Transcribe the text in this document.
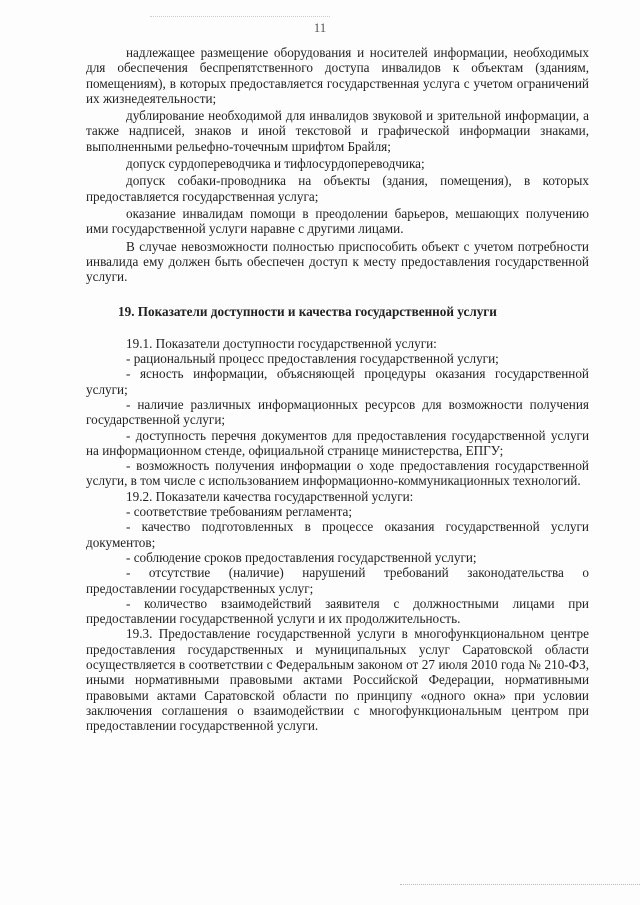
11

надлежащее размещение оборудования и носителей информации, необходимых для обеспечения беспрепятственного доступа инвалидов к объектам (зданиям, помещениям), в которых предоставляется государственная услуга с учетом ограничений их жизнедеятельности;

дублирование необходимой для инвалидов звуковой и зрительной информации, а также надписей, знаков и иной текстовой и графической информации знаками, выполненными рельефно-точечным шрифтом Брайля;

допуск сурдопереводчика и тифлосурдопереводчика;

допуск собаки-проводника на объекты (здания, помещения), в которых предоставляется государственная услуга;

оказание инвалидам помощи в преодолении барьеров, мешающих получению ими государственной услуги наравне с другими лицами.

В случае невозможности полностью приспособить объект с учетом потребности инвалида ему должен быть обеспечен доступ к месту предоставления государственной услуги.

19. Показатели доступности и качества государственной услуги

19.1. Показатели доступности государственной услуги:

- рациональный процесс предоставления государственной услуги;

- ясность информации, объясняющей процедуры оказания государственной услуги;

- наличие различных информационных ресурсов для возможности получения государственной услуги;

- доступность перечня документов для предоставления государственной услуги на информационном стенде, официальной странице министерства, ЕПГУ;

- возможность получения информации о ходе предоставления государственной услуги, в том числе с использованием информационно-коммуникационных технологий.

19.2. Показатели качества государственной услуги:

- соответствие требованиям регламента;

- качество подготовленных в процессе оказания государственной услуги документов;

- соблюдение сроков предоставления государственной услуги;

- отсутствие (наличие) нарушений требований законодательства о предоставлении государственных услуг;

- количество взаимодействий заявителя с должностными лицами при предоставлении государственной услуги и их продолжительность.

19.3. Предоставление государственной услуги в многофункциональном центре предоставления государственных и муниципальных услуг Саратовской области осуществляется в соответствии с Федеральным законом от 27 июля 2010 года № 210-ФЗ, иными нормативными правовыми актами Российской Федерации, нормативными правовыми актами Саратовской области по принципу «одного окна» при условии заключения соглашения о взаимодействии с многофункциональным центром при предоставлении государственной услуги.
